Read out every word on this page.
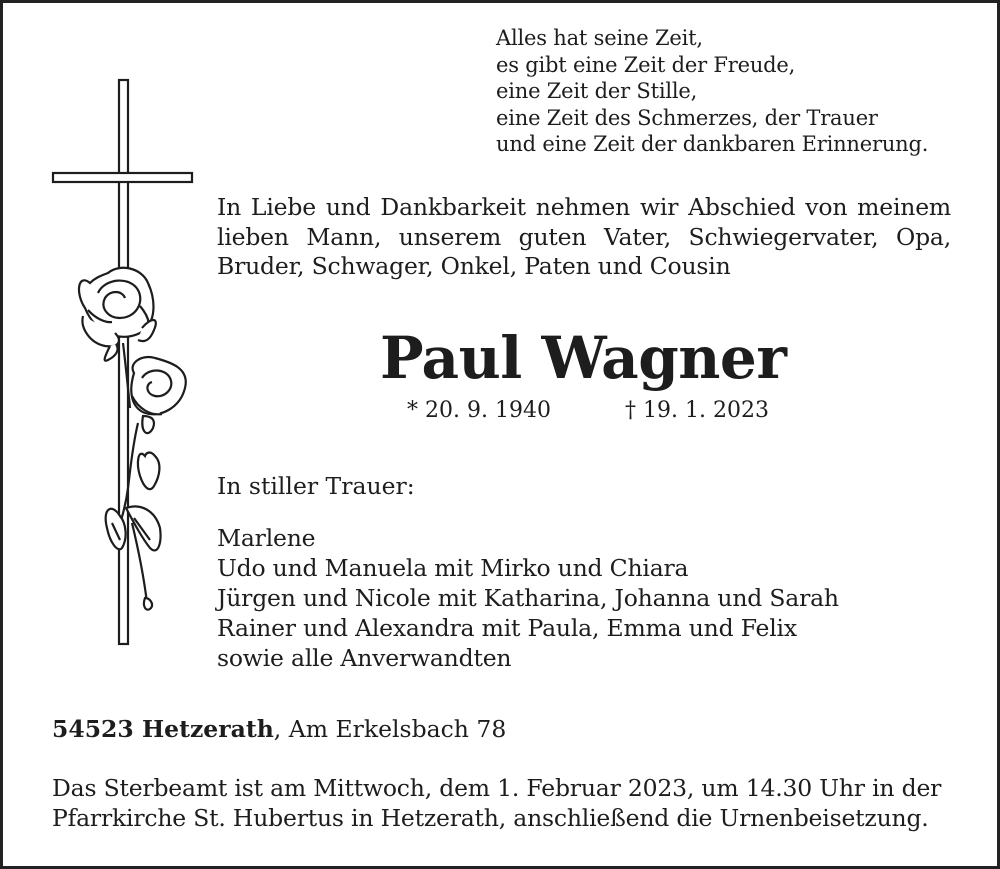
Alles hat seine Zeit,
es gibt eine Zeit der Freude,
eine Zeit der Stille,
eine Zeit des Schmerzes, der Trauer
und eine Zeit der dankbaren Erinnerung.
In Liebe und Dankbarkeit nehmen wir Abschied von meinem
lieben Mann, unserem guten Vater, Schwiegervater, Opa,
Bruder, Schwager, Onkel, Paten und Cousin
Paul Wagner
* 20. 9. 1940	† 19. 1. 2023
In stiller Trauer:
Marlene
Udo und Manuela mit Mirko und Chiara
Jürgen und Nicole mit Katharina, Johanna und Sarah
Rainer und Alexandra mit Paula, Emma und Felix
sowie alle Anverwandten
54523 Hetzerath, Am Erkelsbach 78
Das Sterbeamt ist am Mittwoch, dem 1. Februar 2023, um 14.30 Uhr in der
Pfarrkirche St. Hubertus in Hetzerath, anschließend die Urnenbeisetzung.
